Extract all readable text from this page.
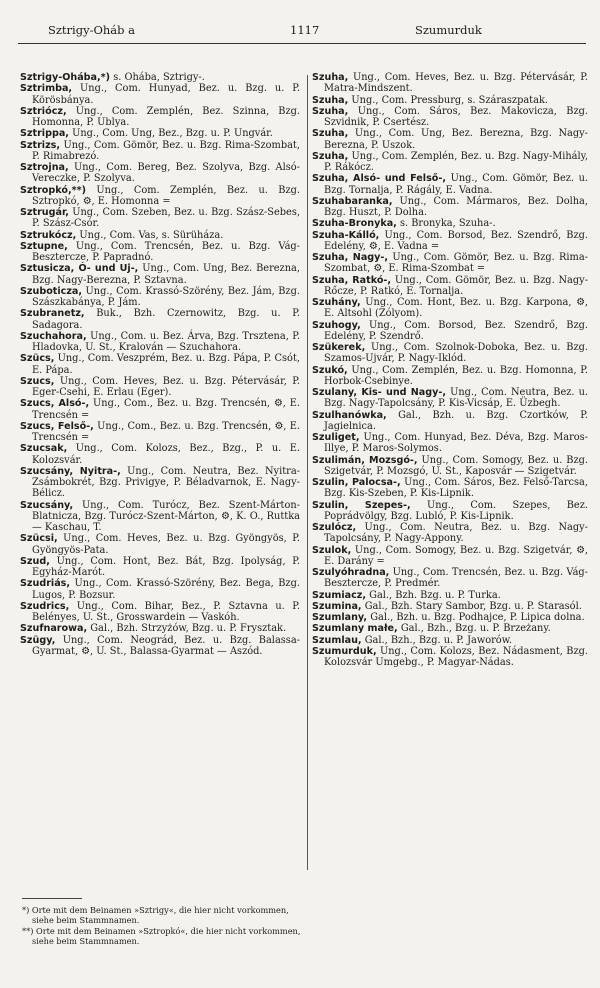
Sztrigy-Oháb a	1117	Szumurduk
Sztrigy-Ohába,*) s. Ohába, Sztrigy-.
Sztrimba, Ung., Com. Hunyad, Bez. u. Bzg. u. P. Körösbánya.
Sztriócz, Ung., Com. Zemplén, Bez. Szinna, Bzg. Homonna, P. Ublya.
Sztrippa, Ung., Com. Ung, Bez., Bzg. u. P. Ungvár.
Sztrizs, Ung., Com. Gömör, Bez. u. Bzg. Rima-Szombat, P. Rimabrezó.
Sztrojna, Ung., Com. Bereg, Bez. Szolyva, Bzg. Alsó-Vereczke, P. Szolyva.
Sztropkó,**) Ung., Com. Zemplén, Bez. u. Bzg. Sztropkó, ⚙, E. Homonna =
Sztrugár, Ung., Com. Szeben, Bez. u. Bzg. Szász-Sebes, P. Szász-Csór.
Sztrukócz, Ung., Com. Vas, s. Sürüháza.
Sztupne, Ung., Com. Trencsén, Bez. u. Bzg. Vág-Besztercze, P. Papradnó.
Sztusicza, Ó- und Uj-, Ung., Com. Ung, Bez. Berezna, Bzg. Nagy-Berezna, P. Sztavna.
Szuboticza, Ung., Com. Krassó-Szörény, Bez. Jám, Bzg. Szászkabánya, P. Jám.
Szubranetz, Buk., Bzh. Czernowitz, Bzg. u. P. Sadagora.
Szuchahora, Ung., Com. u. Bez. Árva, Bzg. Trsztena, P. Hladovka, U. St., Kralován — Szuchahora.
Szücs, Ung., Com. Veszprém, Bez. u. Bzg. Pápa, P. Csót, E. Pápa.
Szucs, Ung., Com. Heves, Bez. u. Bzg. Pétervásár, P. Eger-Csehi, E. Erlau (Eger).
Szucs, Alsó-, Ung., Com., Bez. u. Bzg. Trencsén, ⚙, E. Trencsén =
Szucs, Felső-, Ung., Com., Bez. u. Bzg. Trencsén, ⚙, E. Trencsén =
Szucsak, Ung., Com. Kolozs, Bez., Bzg., P. u. E. Kolozsvár.
Szucsány, Nyitra-, Ung., Com. Neutra, Bez. Nyitra-Zsámbokrét, Bzg. Privigye, P. Béladvarnok, E. Nagy-Bélicz.
Szucsány, Ung., Com. Turócz, Bez. Szent-Márton-Blatnicza, Bzg. Turócz-Szent-Márton, ⚙, K. O., Ruttka — Kaschau, T.
Szücsi, Ung., Com. Heves, Bez. u. Bzg. Gyöngyös, P. Gyöngyös-Pata.
Szud, Ung., Com. Hont, Bez. Bát, Bzg. Ipolyság, P. Egyház-Marót.
Szudriás, Ung., Com. Krassó-Szörény, Bez. Bega, Bzg. Lugos, P. Bozsur.
Szudrics, Ung., Com. Bihar, Bez., P. Sztavna u. P. Belényes, U. St., Grosswardein — Vaskóh.
Szufnarowa, Gal., Bzh. Strzyżów, Bzg. u. P. Frysztak.
Szügy, Ung., Com. Neográd, Bez. u. Bzg. Balassa-Gyarmat, ⚙, U. St., Balassa-Gyarmat — Aszód.
Szuha, Ung., Com. Heves, Bez. u. Bzg. Pétervásár, P. Matra-Mindszent.
Szuha, Ung., Com. Pressburg, s. Száraszpatak.
Szuha, Ung., Com. Sáros, Bez. Makovicza, Bzg. Szvidnik, P. Csertész.
Szuha, Ung., Com. Ung, Bez. Berezna, Bzg. Nagy-Berezna, P. Uszok.
Szuha, Ung., Com. Zemplén, Bez. u. Bzg. Nagy-Mihály, P. Rákócz.
Szuha, Alsó- und Felső-, Ung., Com. Gömör, Bez. u. Bzg. Tornalja, P. Rágály, E. Vadna.
Szuhabaranka, Ung., Com. Mármaros, Bez. Dolha, Bzg. Huszt, P. Dolha.
Szuha-Bronyka, s. Bronyka, Szuha-.
Szuha-Kálló, Ung., Com. Borsod, Bez. Szendrő, Bzg. Edelény, ⚙, E. Vadna =
Szuha, Nagy-, Ung., Com. Gömör, Bez. u. Bzg. Rima-Szombat, ⚙, E. Rima-Szombat =
Szuha, Ratkó-, Ung., Com. Gömör, Bez. u. Bzg. Nagy-Rőcze, P. Ratkó, E. Tornalja.
Szuhány, Ung., Com. Hont, Bez. u. Bzg. Karpona, ⚙, E. Altsohl (Zólyom).
Szuhogy, Ung., Com. Borsod, Bez. Szendrő, Bzg. Edelény, P. Szendrő.
Szükerek, Ung., Com. Szolnok-Doboka, Bez. u. Bzg. Szamos-Ujvár, P. Nagy-Iklód.
Szukó, Ung., Com. Zemplén, Bez. u. Bzg. Homonna, P. Horbok-Csebinye.
Szulany, Kis- und Nagy-, Ung., Com. Neutra, Bez. u. Bzg. Nagy-Tapolcsány, P. Kis-Vicsáp, E. Üzbegh.
Szulhanówka, Gal., Bzh. u. Bzg. Czortków, P. Jagielnica.
Szuliget, Ung., Com. Hunyad, Bez. Déva, Bzg. Maros-Illye, P. Maros-Solymos.
Szulimán, Mozsgó-, Ung., Com. Somogy, Bez. u. Bzg. Szigetvár, P. Mozsgó, U. St., Kaposvár — Szigetvár.
Szulin, Palocsa-, Ung., Com. Sáros, Bez. Felső-Tarcsa, Bzg. Kis-Szeben, P. Kis-Lipnik.
Szulin, Szepes-, Ung., Com. Szepes, Bez. Poprádvölgy, Bzg. Lubló, P. Kis-Lipnik.
Szulócz, Ung., Com. Neutra, Bez. u. Bzg. Nagy-Tapolcsány, P. Nagy-Appony.
Szulok, Ung., Com. Somogy, Bez. u. Bzg. Szigetvár, ⚙, E. Darány =
Szulyóhradna, Ung., Com. Trencsén, Bez. u. Bzg. Vág-Besztercze, P. Predmér.
Szumiacz, Gal., Bzh. Bzg. u. P. Turka.
Szumina, Gal., Bzh. Stary Sambor, Bzg. u. P. Starasól.
Szumlany, Gal., Bzh. u. Bzg. Podhajce, P. Lipica dolna.
Szumlany małe, Gal., Bzh., Bzg. u. P. Brzeżany.
Szumlau, Gal., Bzh., Bzg. u. P. Jaworów.
Szumurduk, Ung., Com. Kolozs, Bez. Nádasment, Bzg. Kolozsvár Umgebg., P. Magyar-Nádas.

*) Orte mit dem Beinamen »Sztrigy«, die hier nicht vorkommen, siehe beim Stammnamen.

**) Orte mit dem Beinamen »Sztropkó«, die hier nicht vorkommen, siehe beim Stammnamen.
